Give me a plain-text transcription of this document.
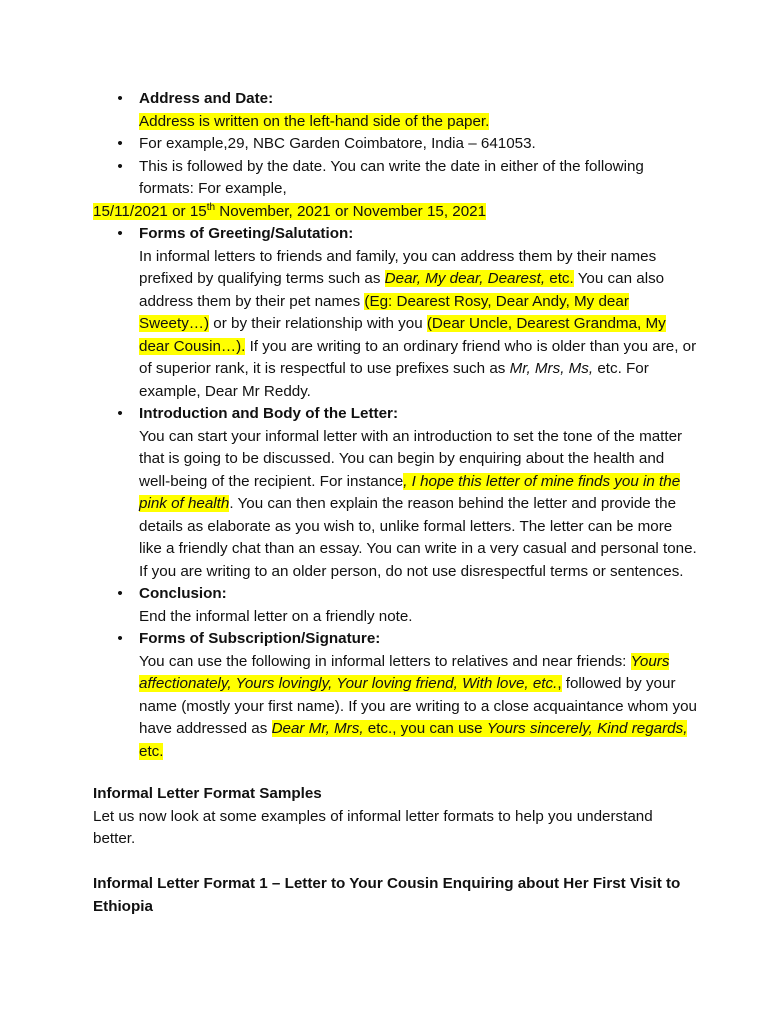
• Address and Date:
Address is written on the left-hand side of the paper.
• For example,29, NBC Garden Coimbatore, India – 641053.
• This is followed by the date. You can write the date in either of the following formats: For example,
15/11/2021 or 15th November, 2021 or November 15, 2021
• Forms of Greeting/Salutation:
In informal letters to friends and family, you can address them by their names prefixed by qualifying terms such as Dear, My dear, Dearest, etc. You can also address them by their pet names (Eg: Dearest Rosy, Dear Andy, My dear Sweety…) or by their relationship with you (Dear Uncle, Dearest Grandma, My dear Cousin…). If you are writing to an ordinary friend who is older than you are, or of superior rank, it is respectful to use prefixes such as Mr, Mrs, Ms, etc. For example, Dear Mr Reddy.
• Introduction and Body of the Letter:
You can start your informal letter with an introduction to set the tone of the matter that is going to be discussed. You can begin by enquiring about the health and well-being of the recipient. For instance, I hope this letter of mine finds you in the pink of health. You can then explain the reason behind the letter and provide the details as elaborate as you wish to, unlike formal letters. The letter can be more like a friendly chat than an essay. You can write in a very casual and personal tone. If you are writing to an older person, do not use disrespectful terms or sentences.
• Conclusion:
End the informal letter on a friendly note.
• Forms of Subscription/Signature:
You can use the following in informal letters to relatives and near friends: Yours affectionately, Yours lovingly, Your loving friend, With love, etc., followed by your name (mostly your first name). If you are writing to a close acquaintance whom you have addressed as Dear Mr, Mrs, etc., you can use Yours sincerely, Kind regards, etc.
Informal Letter Format Samples
Let us now look at some examples of informal letter formats to help you understand better.
Informal Letter Format 1 – Letter to Your Cousin Enquiring about Her First Visit to Ethiopia
